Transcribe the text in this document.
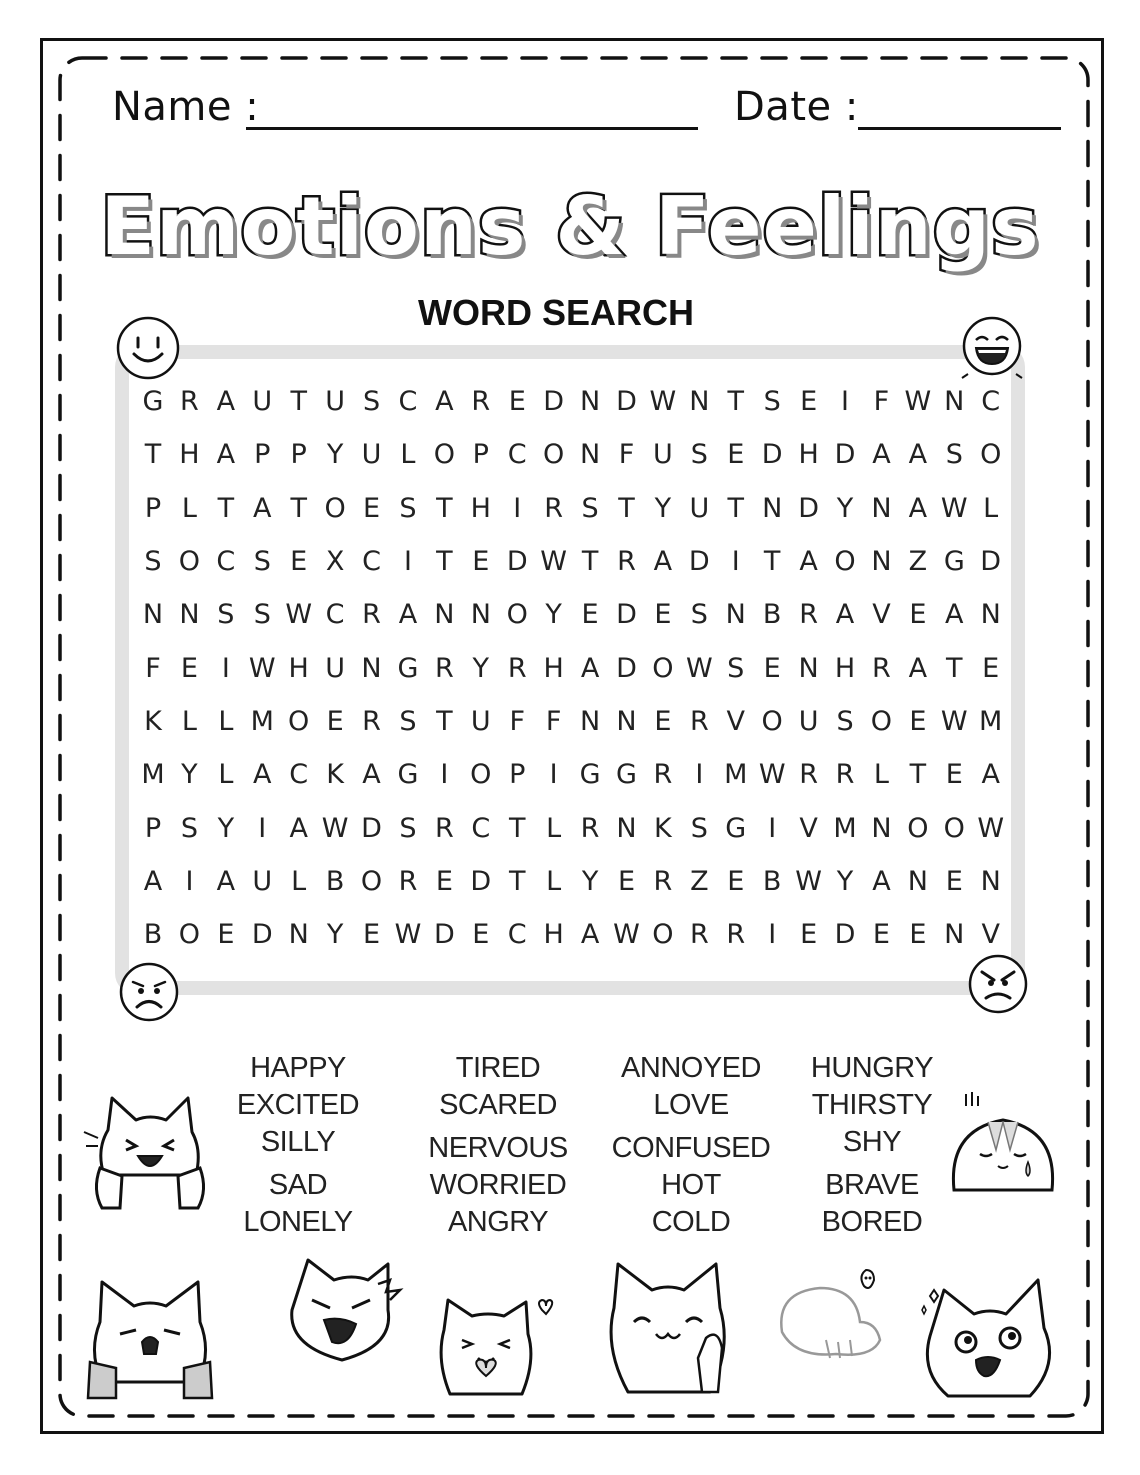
Name :	Date :
Emotions & Feelings
WORD SEARCH
G R A U T U S C A R E D N D W N T S E I F W N C
T H A P P Y U L O P C O N F U S E D H D A A S O
P L T A T O E S T H I R S T Y U T N D Y N A W L
S O C S E X C I T E D W T R A D I T A O N Z G D
N N S S W C R A N N O Y E D E S N B R A V E A N
F E I W H U N G R Y R H A D O W S E N H R A T E
K L L M O E R S T U F F N N E R V O U S O E W M
M Y L A C K A G I O P I G G R I M W R R L T E A
P S Y I A W D S R C T L R N K S G I V M N O O W
A I A U L B O R E D T L Y E R Z E B W Y A N E N
B O E D N Y E W D E C H A W O R R I E D E E N V
HAPPY
EXCITED
SILLY
SAD
LONELY
TIRED
SCARED
NERVOUS
WORRIED
ANGRY
ANNOYED
LOVE
CONFUSED
HOT
COLD
HUNGRY
THIRSTY
SHY
BRAVE
BORED
